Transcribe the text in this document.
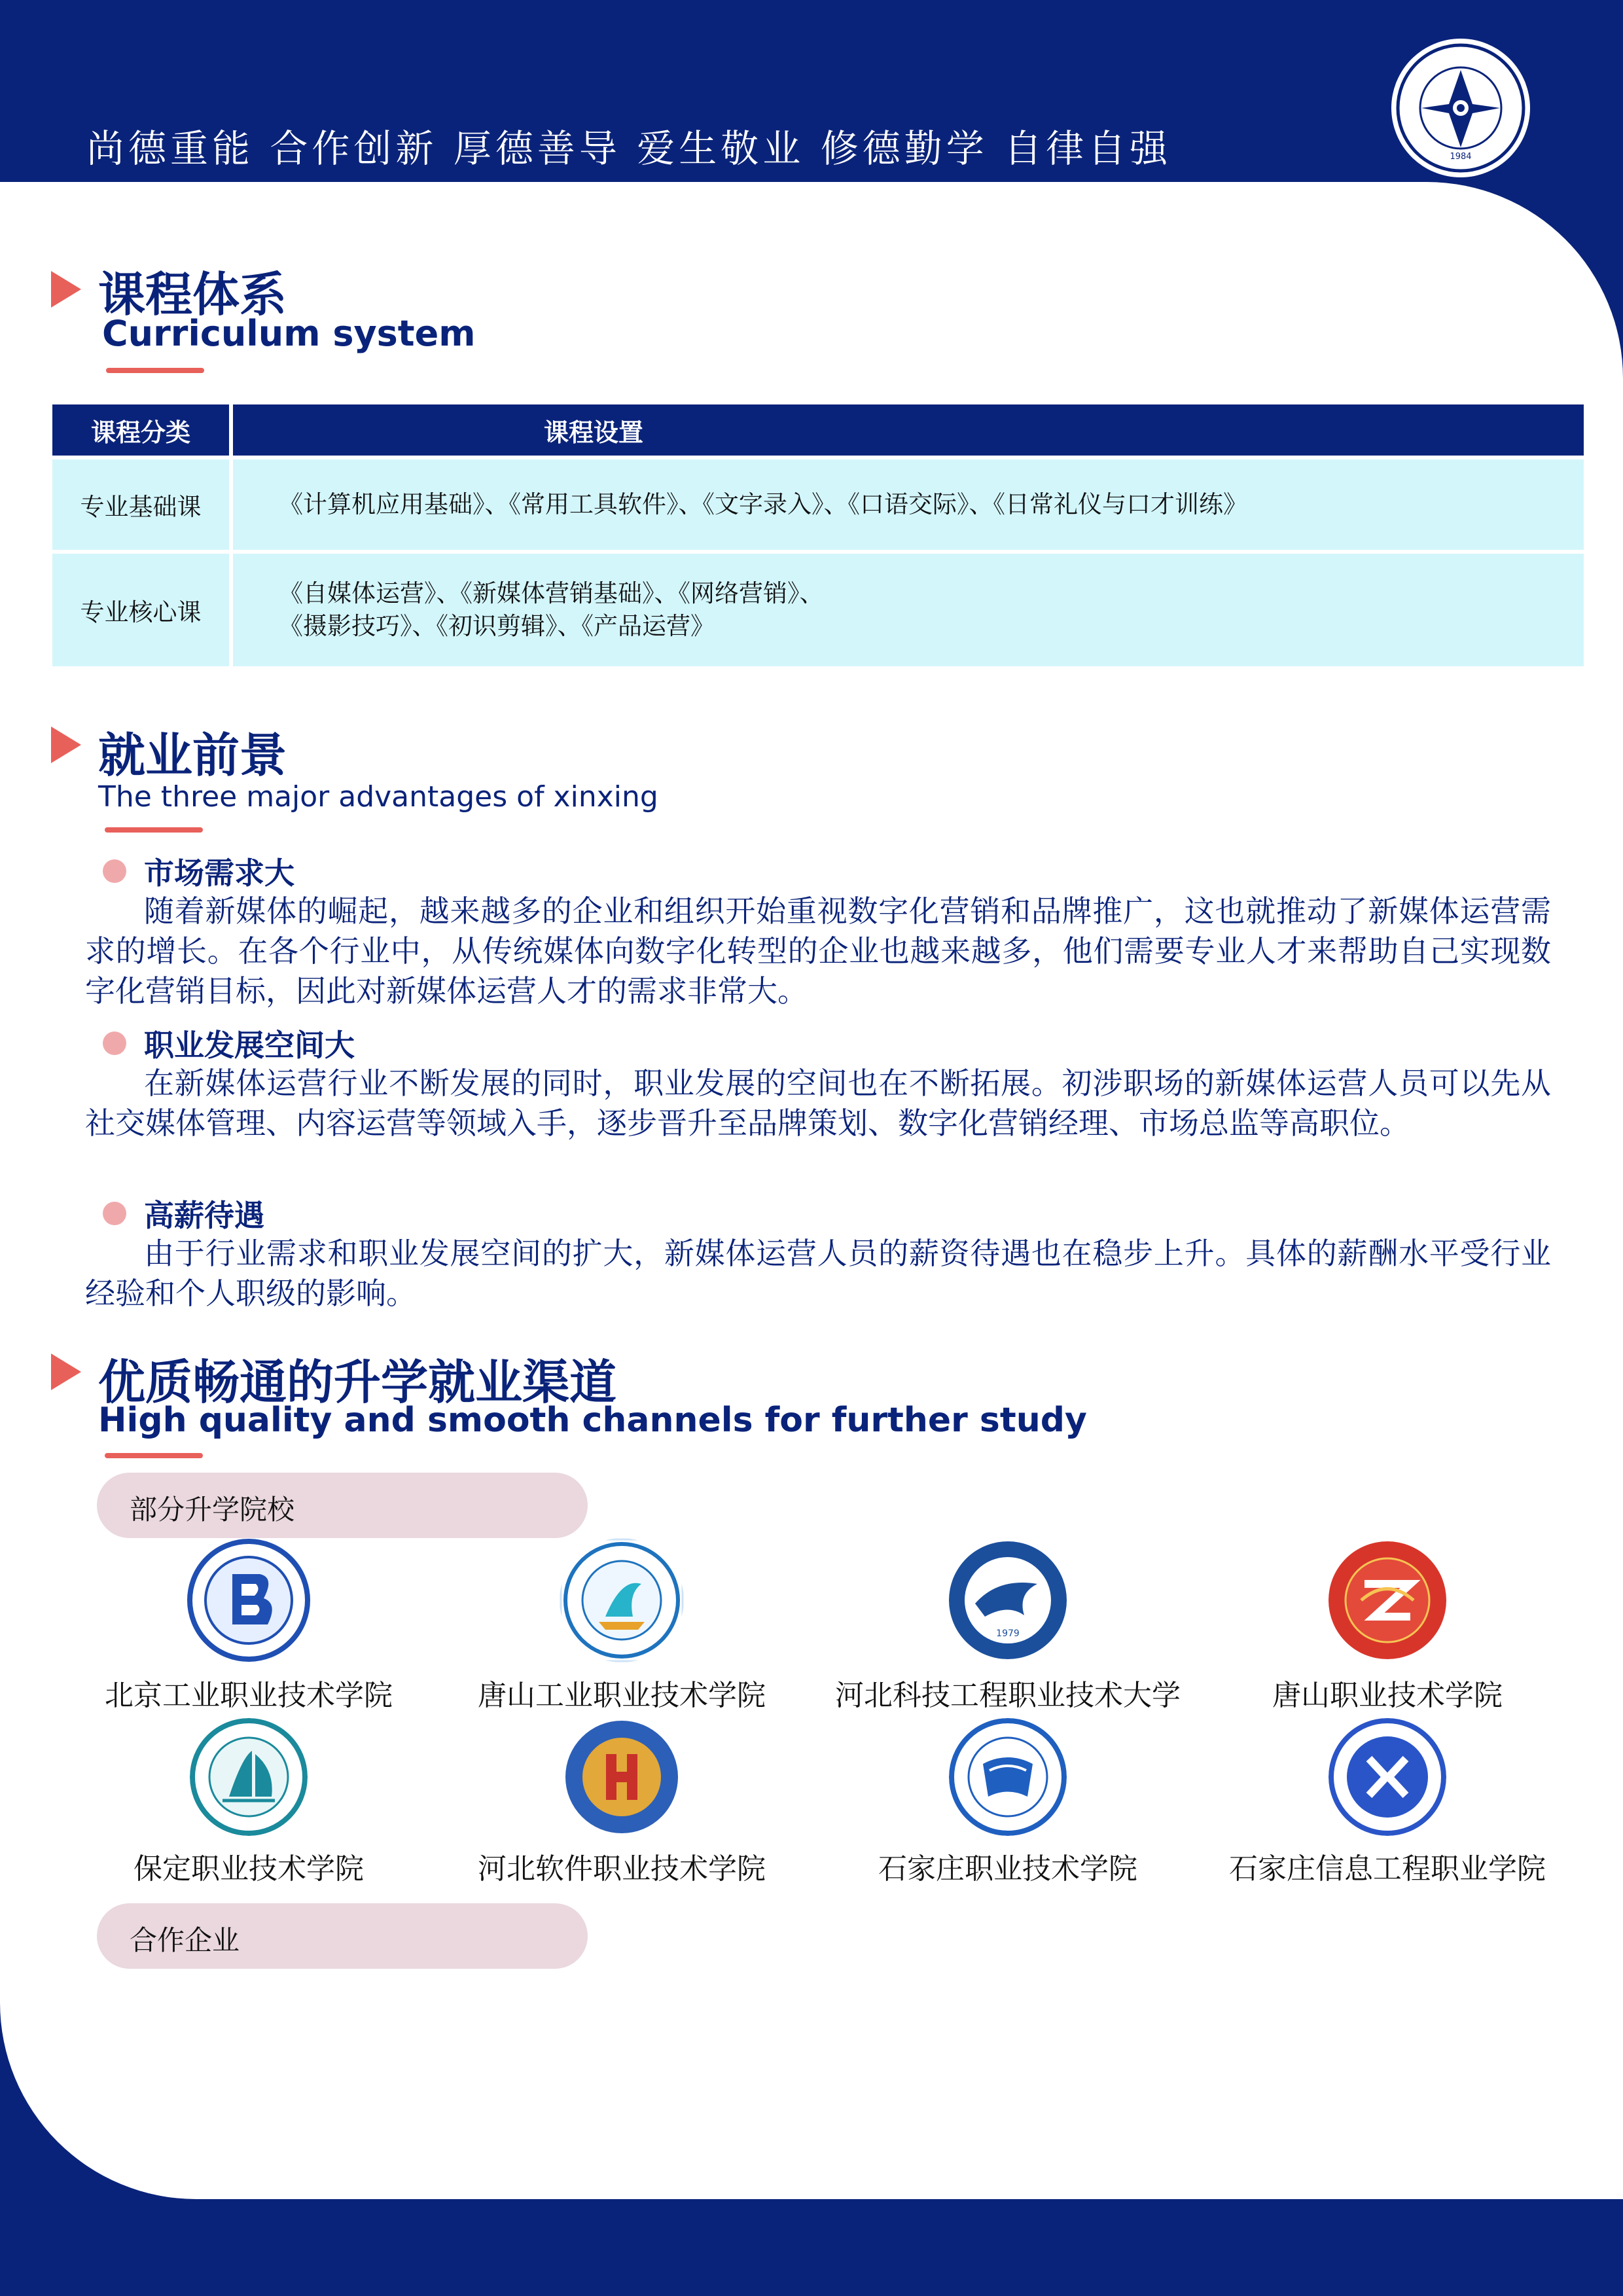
尚德重能 合作创新 厚德善导 爱生敬业 修德勤学 自律自强	1984
课程体系
Curriculum system
课程分类	课程设置
专业基础课	《计算机应用基础》、《常用工具软件》、《文字录入》、《口语交际》、《日常礼仪与口才训练》
专业核心课	《自媒体运营》、《新媒体营销基础》、《网络营销》、
《摄影技巧》、《初识剪辑》、《产品运营》
就业前景
The three major advantages of xinxing
市场需求大
随着新媒体的崛起，越来越多的企业和组织开始重视数字化营销和品牌推广，这也就推动了新媒体运营需求的增长。在各个行业中，从传统媒体向数字化转型的企业也越来越多，他们需要专业人才来帮助自己实现数字化营销目标，因此对新媒体运营人才的需求非常大。
职业发展空间大
在新媒体运营行业不断发展的同时，职业发展的空间也在不断拓展。初涉职场的新媒体运营人员可以先从社交媒体管理、内容运营等领域入手，逐步晋升至品牌策划、数字化营销经理、市场总监等高职位。
高薪待遇
由于行业需求和职业发展空间的扩大，新媒体运营人员的薪资待遇也在稳步上升。具体的薪酬水平受行业经验和个人职级的影响。
优质畅通的升学就业渠道
High quality and smooth channels for further study
部分升学院校
北京工业职业技术学院	唐山工业职业技术学院
1979
河北科技工程职业技术大学	唐山职业技术学院
保定职业技术学院	河北软件职业技术学院	石家庄职业技术学院	石家庄信息工程职业学院
合作企业
